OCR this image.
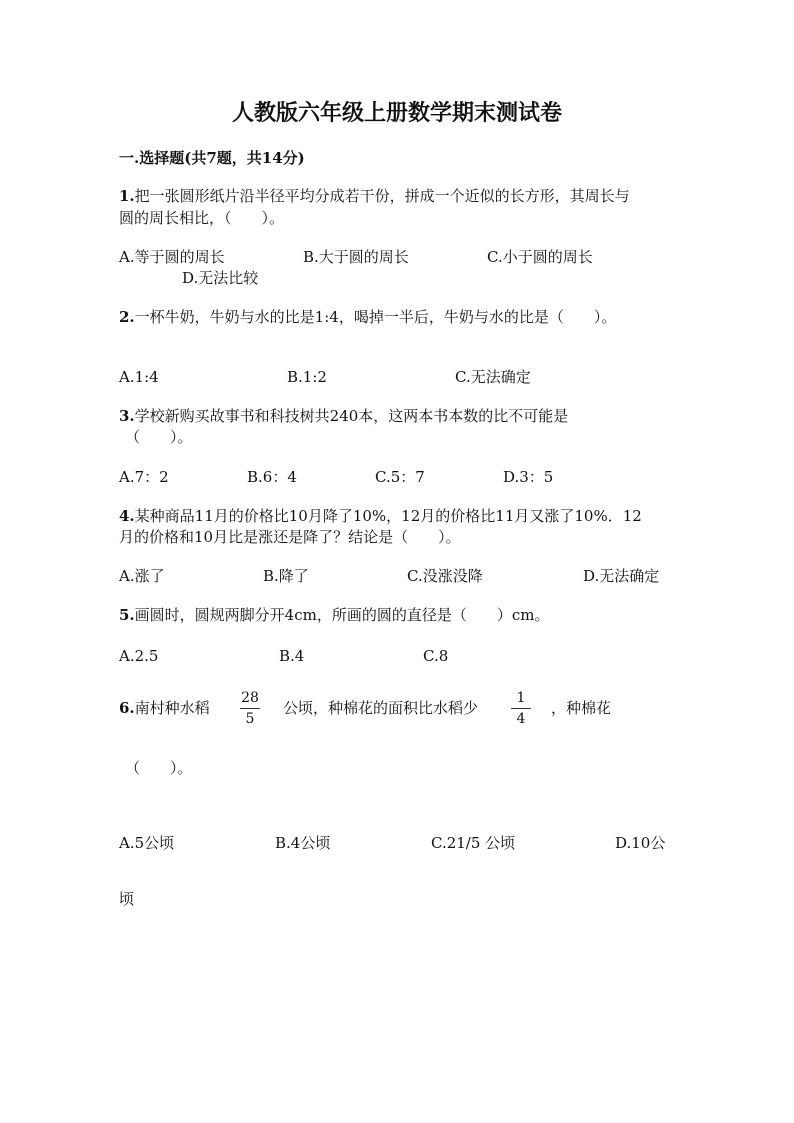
人教版六年级上册数学期末测试卷
一.选择题(共7题，共14分)
1.把一张圆形纸片沿半径平均分成若干份，拼成一个近似的长方形，其周长与
圆的周长相比，（　　）。
A.等于圆的周长	B.大于圆的周长	C.小于圆的周长
D.无法比较
2.一杯牛奶，牛奶与水的比是1:4，喝掉一半后，牛奶与水的比是（　　）。
A.1:4	B.1:2	C.无法确定
3.学校新购买故事书和科技树共240本，这两本书本数的比不可能是
（　　）。
A.7：2	B.6：4	C.5：7	D.3：5
4.某种商品11月的价格比10月降了10%，12月的价格比11月又涨了10%．12
月的价格和10月比是涨还是降了？结论是（　　）。
A.涨了	B.降了	C.没涨没降	D.无法确定
5.画圆时，圆规两脚分开4cm，所画的圆的直径是（　　）cm。
A.2.5	B.4	C.8
6.南村种水稻
28
5
公顷，种棉花的面积比水稻少
1
4
，种棉花
（　　）。
A.5公顷	B.4公顷	C.21/5 公顷	D.10公
顷
